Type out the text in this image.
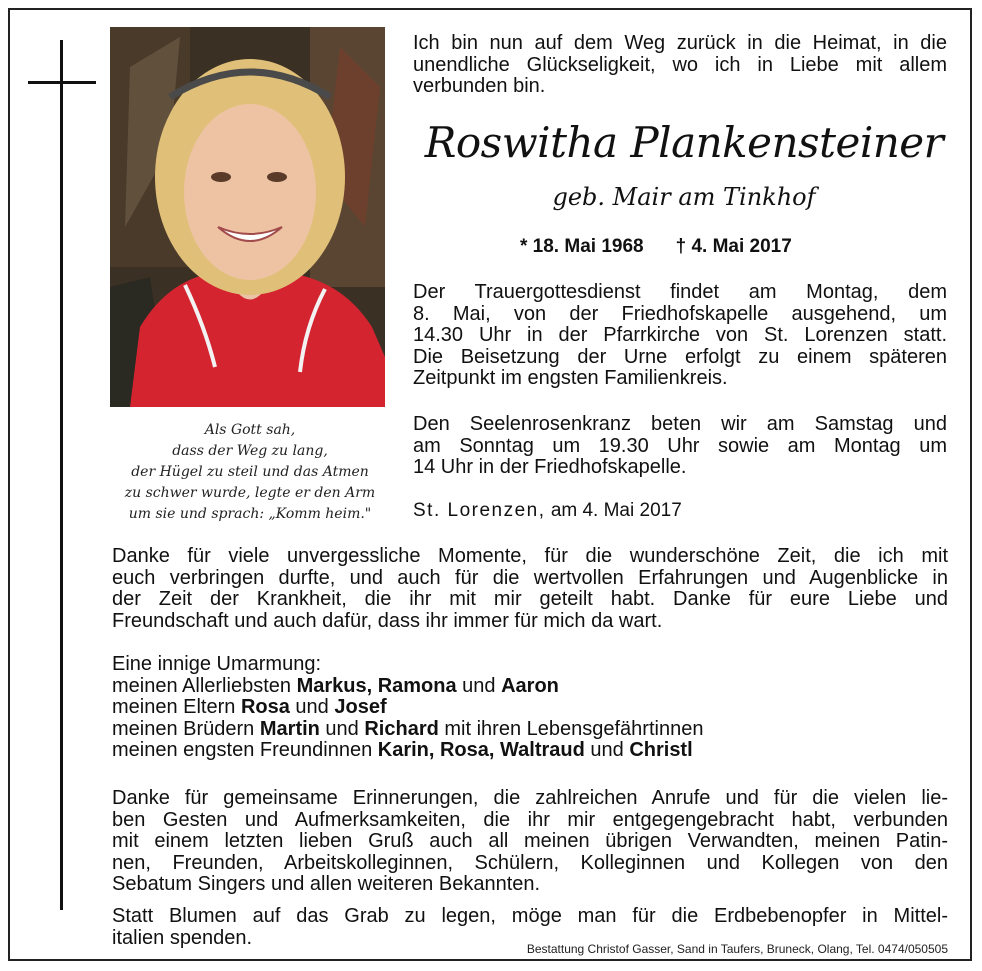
Als Gott sah,
dass der Weg zu lang,
der Hügel zu steil und das Atmen
zu schwer wurde, legte er den Arm
um sie und sprach: „Komm heim."
Ich bin nun auf dem Weg zurück in die Heimat, in die
unendliche Glückseligkeit, wo ich in Liebe mit allem
verbunden bin.
Roswitha Plankensteiner
geb. Mair am Tinkhof
* 18. Mai 1968 † 4. Mai 2017
Der Trauergottesdienst findet am Montag, dem
8. Mai, von der Friedhofskapelle ausgehend, um
14.30 Uhr in der Pfarrkirche von St. Lorenzen statt.
Die Beisetzung der Urne erfolgt zu einem späteren
Zeitpunkt im engsten Familienkreis.
Den Seelenrosenkranz beten wir am Samstag und
am Sonntag um 19.30 Uhr sowie am Montag um
14 Uhr in der Friedhofskapelle.
St. Lorenzen, am 4. Mai 2017
Danke für viele unvergessliche Momente, für die wunderschöne Zeit, die ich mit
euch verbringen durfte, und auch für die wertvollen Erfahrungen und Augenblicke in
der Zeit der Krankheit, die ihr mit mir geteilt habt. Danke für eure Liebe und
Freundschaft und auch dafür, dass ihr immer für mich da wart.
Eine innige Umarmung:
meinen Allerliebsten Markus, Ramona und Aaron
meinen Eltern Rosa und Josef
meinen Brüdern Martin und Richard mit ihren Lebensgefährtinnen
meinen engsten Freundinnen Karin, Rosa, Waltraud und Christl
Danke für gemeinsame Erinnerungen, die zahlreichen Anrufe und für die vielen lie-
ben Gesten und Aufmerksamkeiten, die ihr mir entgegengebracht habt, verbunden
mit einem letzten lieben Gruß auch all meinen übrigen Verwandten, meinen Patin-
nen, Freunden, Arbeitskolleginnen, Schülern, Kolleginnen und Kollegen von den
Sebatum Singers und allen weiteren Bekannten.
Statt Blumen auf das Grab zu legen, möge man für die Erdbebenopfer in Mittel-
italien spenden.
Bestattung Christof Gasser, Sand in Taufers, Bruneck, Olang, Tel. 0474/050505
